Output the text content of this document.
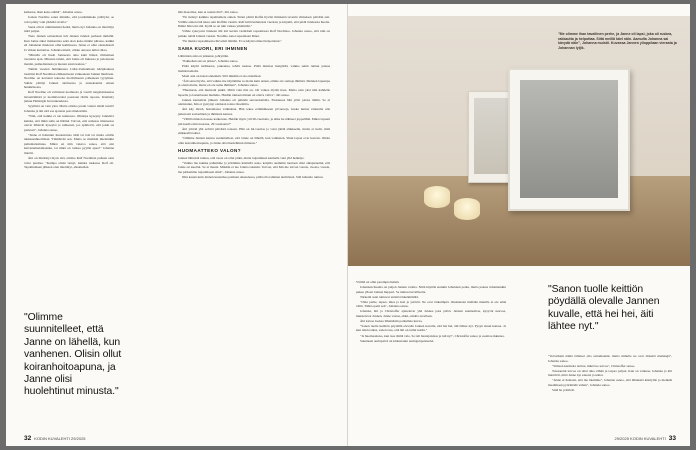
kaikessa, lkun koko elämä", Johanna sanoo.

Joskus Nordmo sanoi minulle, että joudummeko päättyisi, se voisi pääty vain yhdellä tavalla."

Sanat olivat olimmemeiä herkä, mutta nyt Johanna on miettinyt niitä paljon.

Tieto Jannan sairaudesta tuli Jannen Jannen perheen mökillä. Kun Janne alkoi maikauttaa sekä olon koko mökin pihassa, kaikki eli Johannan mielessä ollut kaminossa. Janne ei ollut ensiedestoli Ja vitkan kertantaa. Johanna mietti, olisko autossa tullut riitaa.

"Minulla oli huoli Janneesta aina kuin hänen vitmennen vuotensa ajan. Minusta tuntui, että Janne oli hukassa ja pelotessan mennä, pumudtennoia ja monen asian kanssa."

Tämän vuoden huhtikuussa Lääsi-Uudenmaan käräjäoikeus tuomitsi Rolf Nordmon elinkautiseen vankeuteen Jannen murhasta. Nordmo on kertonut tekoona motiivikseen palkaneen tyytymen. Suhde päättyi Jannen aloitteesta ja anteeksianta ennen henkirikosta.

Rolf Nordmo oli valittanut tuomiosta ja vaatiit rangaistuksensa lieventämistä ja tuomittavaksi paastaan tilalle taposta. Käsittely jatkuu Helsingin hovioikeudessa.

Syyllistä on vain yksi. Mutta olisiko jotain voinut tehdä toisin? Johanna ja äiti että saa ajatusta pois mielestään.

"Niin, että kaikki ei ole kunnossa. Olisinpa kyseyny Janneltra kuinka, että mikä sulla on hätänä. Toivon, että samassa tilanteessa olevat lähtevät kyseyisi ja rohkeasti, jos epäilevät, että jokin on pielessä", Johanna sanoo.

"Janne ei halunnut huolestuttaa äitiä tai isiä tai muita omilla takkausuhuolillaan. Ymmärrän sen. Mutta se mielikin mielanikin puhumattomuus. Miksi en niin vakava sanoa, että olet kaivanamenamaanka, tai mikä on vaikea pyytää apua?" Johanna miettii.

Äiti on miettinyt myös sitä, olisiko Rolf Nordmon puhaan olon voitu puuttua. "Kumpa olisin tienyt, kuinka tuskassa Rolf oli. Tapahtumaen jälkeen olen miettinyt, alkoikohan

"Olimme suunnitelleet, että Janne on lähellä, kun vanhenen. Olisin ollut koiranhoitoapuna, ja Janne olisi huolehtinut minusta."

hän maaomsa, kun ei saanut tiitä", äiti sanoo.

"En tiennyt kaikkia tapahtumeia ennen. Sitäei päätti Rolfia hyväsi ihmisenä tavenni viimeisen päivään asti. Välälle ennen tätä isksa sain Rolfilta viestin. Rolf kiitti kuluneista vuosista ja kirjoitti, että piidä Janneesta huolta. Ihmin hän toki sitä. Kyllä se on niin vaikea ymmärtää."

Vähne sykoyoisi Janneen äiti loti kertan vastiidam tapaamassa Rolf Nordmoa. Johanna sanoo, että niin on paikko tehdä Jannen vuoksi. Nordmo sanoi tapaamaan hänet.

"En muista tapaamisesta hirveästi mitään. Et se käynti oliaiet helpottanut."

SAMA KUORI, ERI IHMINEN

Lähiöiden arki on jatkunut, johtyttäin.

"Pakkohan sen on jatkaa", Johanna sanoo.

Pitää käydä tarihkassa, pukeutua, tehdä ruokaa. Pitää muistaa hengittää, vaikka sekin tuntuu joskus mahdottomalta.

Moni asia on katen ennenkin. Silti mikään ei ole ennallaan.

"Äiti sanoi hyvin, että vaikka me näytämme sa malta kuin ennen, emme ole samoja ihmisiä. Mennen lapsenpa ja ontan mutta, mutta en ole sama ihminen", Johanna sanoo.

"Huomaan, että muistani pätkit. Mitäi vain mis on. On vaikea löytää itsaa. Mutta olen yksi niin kahdelle lapselle ja lastenlasten mummo. Heidän takiaan minun on oltava vahva", äiti sanoo.

Jannen kuoleman jälkeen Johanna oli pitkään sairauslomalla. Elokuussa hän yritti palata töihin. Se ei onnistunut, hän ei pystynyt olemaan toissa tiloemitta.

Äiti käy töissä, hoitamassa vanhuksia. Hän tekee erimmäkseen yövuoroja, koska tuntua vaikeulta olla jatkuvasti sosiaalinen ja ihmisten kanssa.

"Välillä mielen nousee katkeruus. Heidän myös ylli 90-vuotiaita, ja ehke he nähneet joppelihiä. Miksi lapseni piti kuolla niin nuorena, 29-vuotiaana?"

Äiti yrittää yhä selvitä päivästä toiseen. Hän on 64-vuotias ja voisi jäädä eläkkeelle, mutta ei tiedä, mitä eläkkeellä tekisi.

"Olimme Jannen kanssa suunnitelleet, että Janne on lähellä, kun vanhenen. Shun lapset ovat kaavan. Olisin ollut koiranhoitoapuna, ja Janne olisi huolehtinut minusta."

HUOMAATTEKO VALON?

Jannen lähteistä tuntuu, että vuosi on ollut pitkä, mutta toipuminen kannalla vain yhd henkäys.

"Vaikka me kuinka puhumme ja yritämme käsitellä asiaa, kaipilta aiemmin luottaen ollut aikapienemä, että Janne on kuollut. Se ei mauta. Mikään ei tuo Jannta takaisin. Toivon, että hän me toivon vuosia, vuosia, vuosia, me pääsemme toipumiseen siinä", Johanna sanoo.

Niin kauan kuin Jannen kuolemaa puidaan oikeudessa, pitää olla tammen aktiivinen. Silä lohuutto tuntuu.

32 KODIN KUVALEHTI 29/2025
"Me olimme ihan tavallinen perhe, ja Janne oli lapsi, joka oli ruskea, rakkautta ja helpottaa. Siitä meillä kävi näin. Aamulla Johanna sai kävydä näin", Johanna muistii. Kuvassa Jannen ylioppilaan vierasta ja Johannan lyijik.

Välillä on ollut parempia hetkiä.

Johannan huoma on paljon Jannen vaattia. Niitä käyttää etenkin Johannan poika, mutta joskus Johannankin pukee ylleen Jannen huppari. Se tuntuu turvalliselta.

Tärkeitä asiat tuntuvat entistä tärkeämmiltä.

"Oma perhe, lapset, mies ja koti ja ystävät. Ne ovat tärkeimpiä. Olennaisiat mellään muuilla ei ole enää väliä. Tämä opetti sen", Johanna sanoo.

Johanna, äiti ja Christoffer ajattelevat yhä Jannea joka päivä. Jannan asunnoiltaa, kysyvät neuvoa, muistelevat Jannen. Janne vastaa, ehkä, omalla tavallaan.

Äiti kuvaa lookea läheinäsän polkamna kuvaa.

"Sanon tuolle keittiön pöydällä olevalle Jannen kuvalle, että hei hei, äiti lähtee nyt. Pysyn sinun kanssa. Ja kun tulen taikas, sanon taas, että äiti on tullut kotiin."

"Ja huomaattoko, kun taas täältä valo. Se tuli hautajaisissa ja tuli nyt", Christoffer sanoo ja osoittaa ikkunaa.

Suunneen aurinpaivä on kirkastanut auringonpaisteelet.

"Sanon tuolle keittiön pöydällä olevalle Jannen kuvalle, että hei hei, äiti lähtee nyt."

"Voivatham nämä tällaiset olla sattumaakin, mutta minulle ne ovat tärkeitä merkkejä", Johanna sanoo.

"Sitheen karmeita tarttua, mikä tuo toivoa", Christoffer sanoo.

Toissatelul toivoa on ollut aika vähän ja tarpaa paljon. Kun on vaikeaa, Johanna ja äiti miettivät, mitä Janne nyt sanoisi ja tekisi.

"Janne ei haluaisi, että me itkemme", Johanna sanoo, että lähtaksiä käsityille ja menkää maailmaan pyörimään vuhan", Johanna sanoo.

Siitä he yrittävät.

29/2025 KODIN KUVALEHTI 33
